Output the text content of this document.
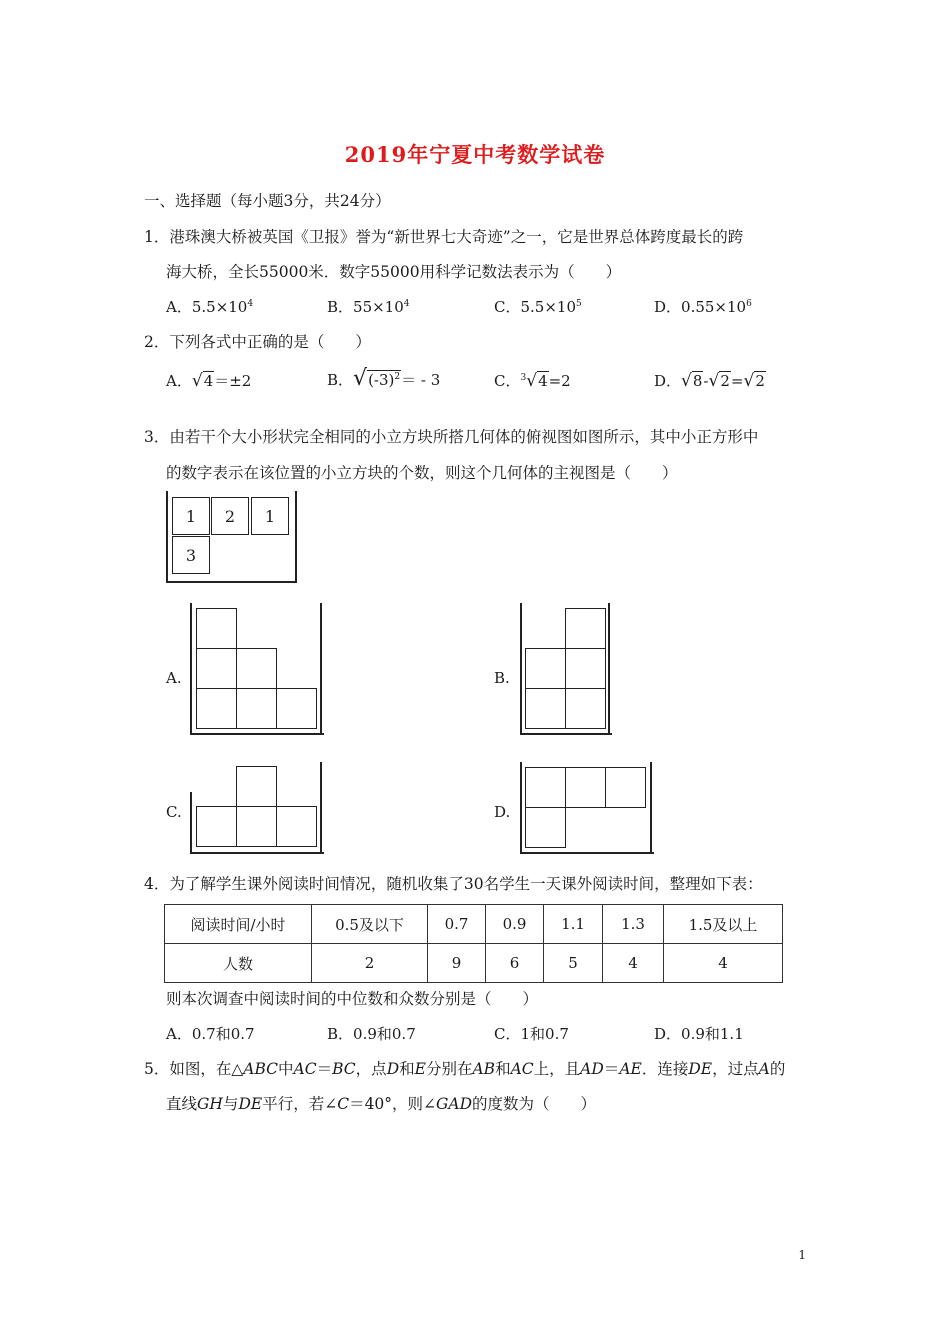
2019年宁夏中考数学试卷
一、选择题（每小题3分，共24分）
1．港珠澳大桥被英国《卫报》誉为“新世界七大奇迹”之一，它是世界总体跨度最长的跨
海大桥，全长55000米．数字55000用科学记数法表示为（　　）
A．$5.5\times 10^4$	B．$55\times 10^4$	C．$5.5\times 10^5$	D．$0.55\times 10^6$
2．下列各式中正确的是（　　）
A．√4＝±2	B．$√(-3)^2= - 3$	C．$^3$√4=2	D．√8-√2=√2
3．由若干个大小形状完全相同的小立方块所搭几何体的俯视图如图所示，其中小正方形中
的数字表示在该位置的小立方块的个数，则这个几何体的主视图是（　　）
1	2	1
3
A.	B.
C.	D.
4．为了解学生课外阅读时间情况，随机收集了30名学生一天课外阅读时间，整理如下表：
阅读时间/小时	0.5及以下	0.7	0.9	1.1	1.3	1.5及以上
人数	2	9	6	5	4	4
则本次调查中阅读时间的中位数和众数分别是（　　）
A．0.7和0.7	B．0.9和0.7	C．1和0.7	D．0.9和1.1
5．如图，在△ABC中AC＝BC，点D和E分别在AB和AC上，且AD＝AE．连接DE，过点A的
直线GH与DE平行，若∠C＝40°，则∠GAD的度数为（　　）
1
